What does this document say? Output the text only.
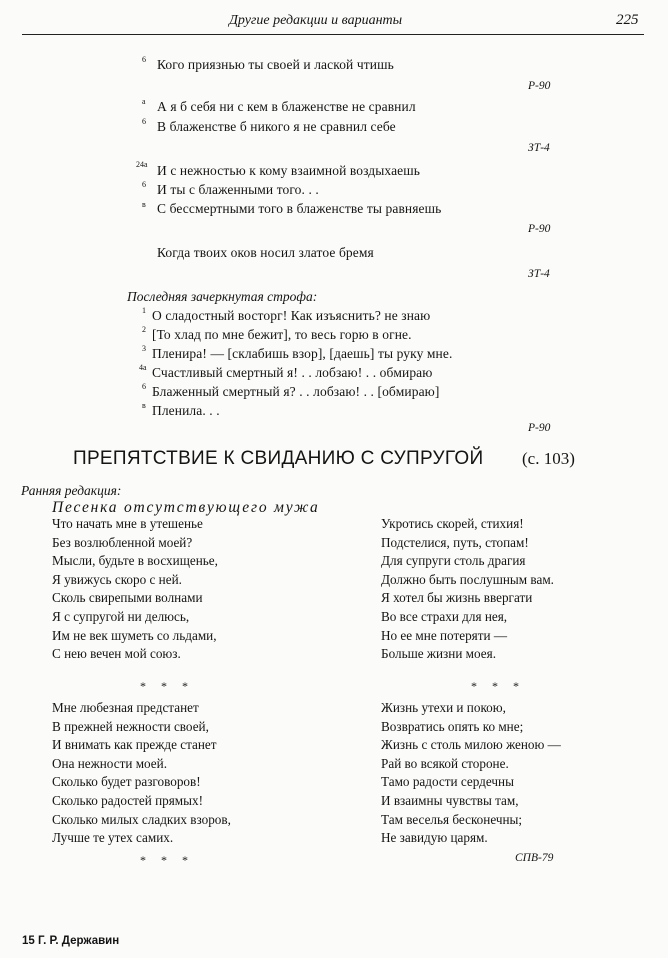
Другие редакции и варианты	225
6 Кого приязнью ты своей и лаской чтишь
Р-90
а А я б себя ни с кем в блаженстве не сравнил
6 В блаженстве б никого я не сравнил себе
ЗТ-4
24а И с нежностью к кому взаимной воздыхаешь
6 И ты с блаженными того. . .
в С бессмертными того в блаженстве ты равняешь
Р-90
Когда твоих оков носил златое бремя
ЗТ-4
Последняя зачеркнутая строфа:
1 О сладостный восторг! Как изъяснить? не знаю
2 [То хлад по мне бежит], то весь горю в огне.
3 Пленира! — [склабишь взор], [даешь] ты руку мне.
4а Счастливый смертный я! . . лобзаю! . . обмираю
6 Блаженный смертный я? . . лобзаю! . . [обмираю]
в Пленила. . .
Р-90
ПРЕПЯТСТВИЕ К СВИДАНИЮ С СУПРУГОЙ (с. 103)
Ранняя редакция:
Песенка отсутствующего мужа
Что начать мне в утешенье
Без возлюбленной моей?
Мысли, будьте в восхищенье,
Я увижусь скоро с ней.
Сколь свирепыми волнами
Я с супругой ни делюсь,
Им не век шуметь со льдами,
С нею вечен мой союз.
Укротись скорей, стихия!
Подстелися, путь, стопам!
Для супруги столь драгия
Должно быть послушным вам.
Я хотел бы жизнь ввергати
Во все страхи для нея,
Но ее мне потеряти —
Больше жизни моея.
* * *	* * *
Мне любезная предстанет
В прежней нежности своей,
И внимать как прежде станет
Она нежности моей.
Сколько будет разговоров!
Сколько радостей прямых!
Сколько милых сладких взоров,
Лучше те утех самих.
Жизнь утехи и покою,
Возвратись опять ко мне;
Жизнь с столь милою женою —
Рай во всякой стороне.
Тамо радости сердечны
И взаимны чувствы там,
Там веселья бесконечны;
Не завидую царям.
* * *	СПВ-79
15 Г. Р. Державин
